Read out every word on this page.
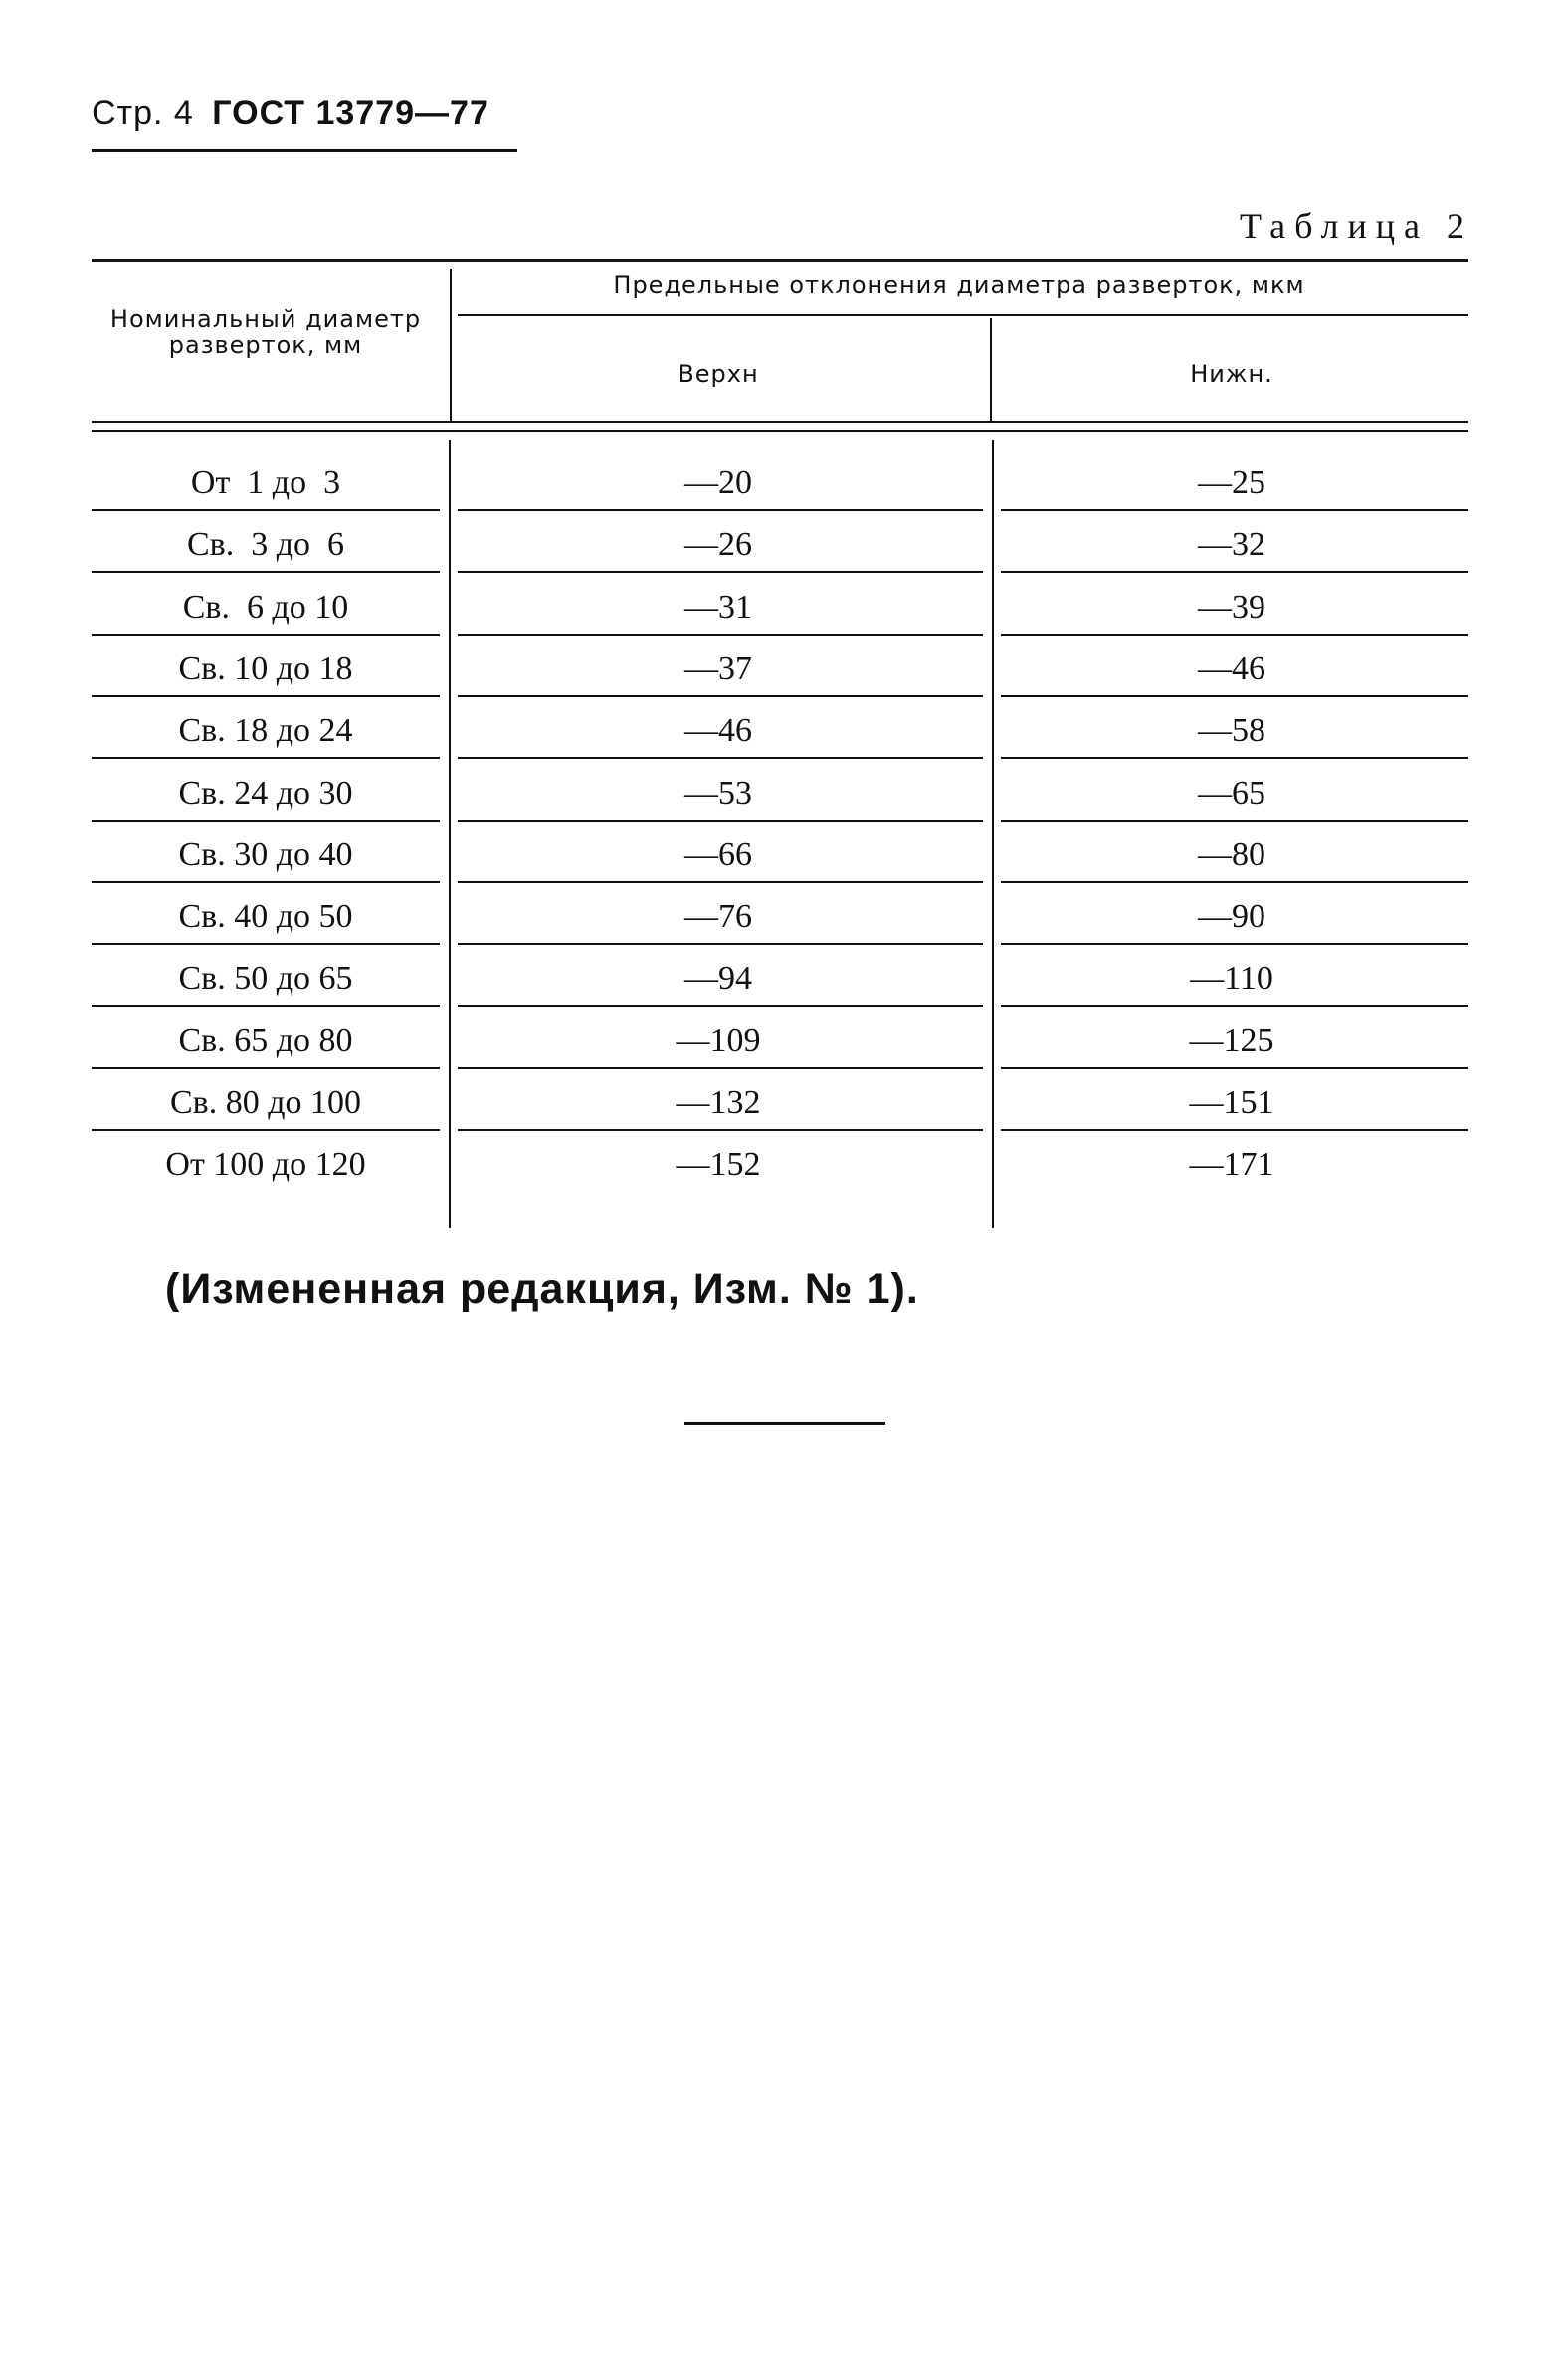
Стр. 4 ГОСТ 13779—77
Таблица 2
Номинальный диаметр разверток, мм
Предельные отклонения диаметра разверток, мкм
Верхн	Нижн.
От  1 до  3	—20	—25
Св.  3 до  6	—26	—32
Св.  6 до 10	—31	—39
Св. 10 до 18	—37	—46
Св. 18 до 24	—46	—58
Св. 24 до 30	—53	—65
Св. 30 до 40	—66	—80
Св. 40 до 50	—76	—90
Св. 50 до 65	—94	—110
Св. 65 до 80	—109	—125
Св. 80 до 100	—132	—151
От 100 до 120	—152	—171
(Измененная редакция, Изм. № 1).
